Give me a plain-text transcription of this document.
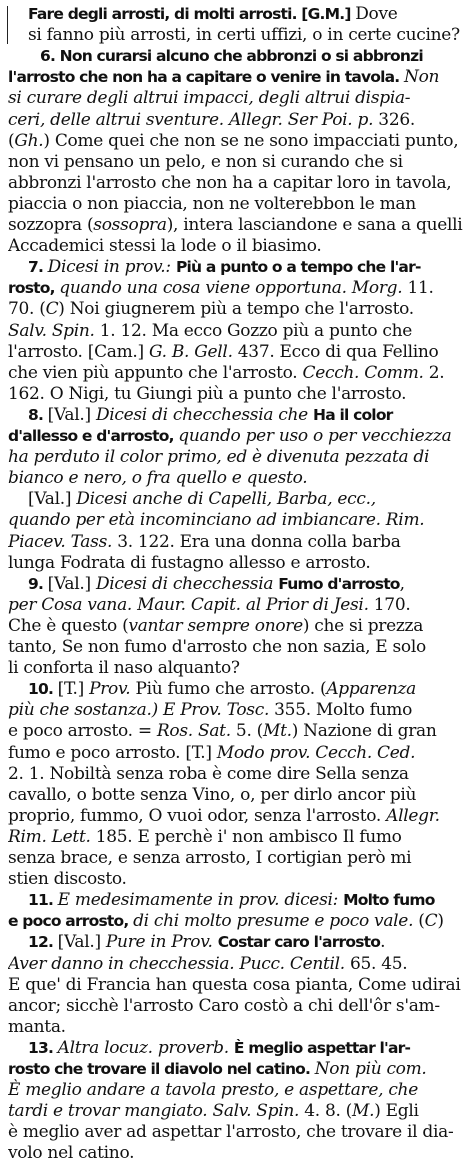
Fare degli arrosti, di molti arrosti. [G.M.] Dove
si fanno più arrosti, in certi uffizi, o in certe cucine?
6. Non curarsi alcuno che abbronzi o si abbronzi
l'arrosto che non ha a capitare o venire in tavola. Non
si curare degli altrui impacci, degli altrui dispia-
ceri, delle altrui sventure. Allegr. Ser Poi. p. 326.
(Gh.) Come quei che non se ne sono impacciati punto,
non vi pensano un pelo, e non si curando che si
abbronzi l'arrosto che non ha a capitar loro in tavola,
piaccia o non piaccia, non ne volterebbon le man
sozzopra (sossopra), intera lasciandone e sana a quelli
Accademici stessi la lode o il biasimo.
7. Dicesi in prov.: Più a punto o a tempo che l'ar-
rosto, quando una cosa viene opportuna. Morg. 11.
70. (C) Noi giugnerem più a tempo che l'arrosto.
Salv. Spin. 1. 12. Ma ecco Gozzo più a punto che
l'arrosto. [Cam.] G. B. Gell. 437. Ecco di qua Fellino
che vien più appunto che l'arrosto. Cecch. Comm. 2.
162. O Nigi, tu Giungi più a punto che l'arrosto.
8. [Val.] Dicesi di checchessia che Ha il color
d'allesso e d'arrosto, quando per uso o per vecchiezza
ha perduto il color primo, ed è divenuta pezzata di
bianco e nero, o fra quello e questo.
[Val.] Dicesi anche di Capelli, Barba, ecc.,
quando per età incominciano ad imbiancare. Rim.
Piacev. Tass. 3. 122. Era una donna colla barba
lunga Fodrata di fustagno allesso e arrosto.
9. [Val.] Dicesi di checchessia Fumo d'arrosto,
per Cosa vana. Maur. Capit. al Prior di Jesi. 170.
Che è questo (vantar sempre onore) che si prezza
tanto, Se non fumo d'arrosto che non sazia, E solo
li conforta il naso alquanto?
10. [T.] Prov. Più fumo che arrosto. (Apparenza
più che sostanza.) E Prov. Tosc. 355. Molto fumo
e poco arrosto. = Ros. Sat. 5. (Mt.) Nazione di gran
fumo e poco arrosto. [T.] Modo prov. Cecch. Ced.
2. 1. Nobiltà senza roba è come dire Sella senza
cavallo, o botte senza Vino, o, per dirlo ancor più
proprio, fummo, O vuoi odor, senza l'arrosto. Allegr.
Rim. Lett. 185. E perchè i' non ambisco Il fumo
senza brace, e senza arrosto, I cortigian però mi
stien discosto.
11. E medesimamente in prov. dicesi: Molto fumo
e poco arrosto, di chi molto presume e poco vale. (C)
12. [Val.] Pure in Prov. Costar caro l'arrosto.
Aver danno in checchessia. Pucc. Centil. 65. 45.
E que' di Francia han questa cosa pianta, Come udirai
ancor; sicchè l'arrosto Caro costò a chi dell'ôr s'am-
manta.
13. Altra locuz. proverb. È meglio aspettar l'ar-
rosto che trovare il diavolo nel catino. Non più com.
È meglio andare a tavola presto, e aspettare, che
tardi e trovar mangiato. Salv. Spin. 4. 8. (M.) Egli
è meglio aver ad aspettar l'arrosto, che trovare il dia-
volo nel catino.
